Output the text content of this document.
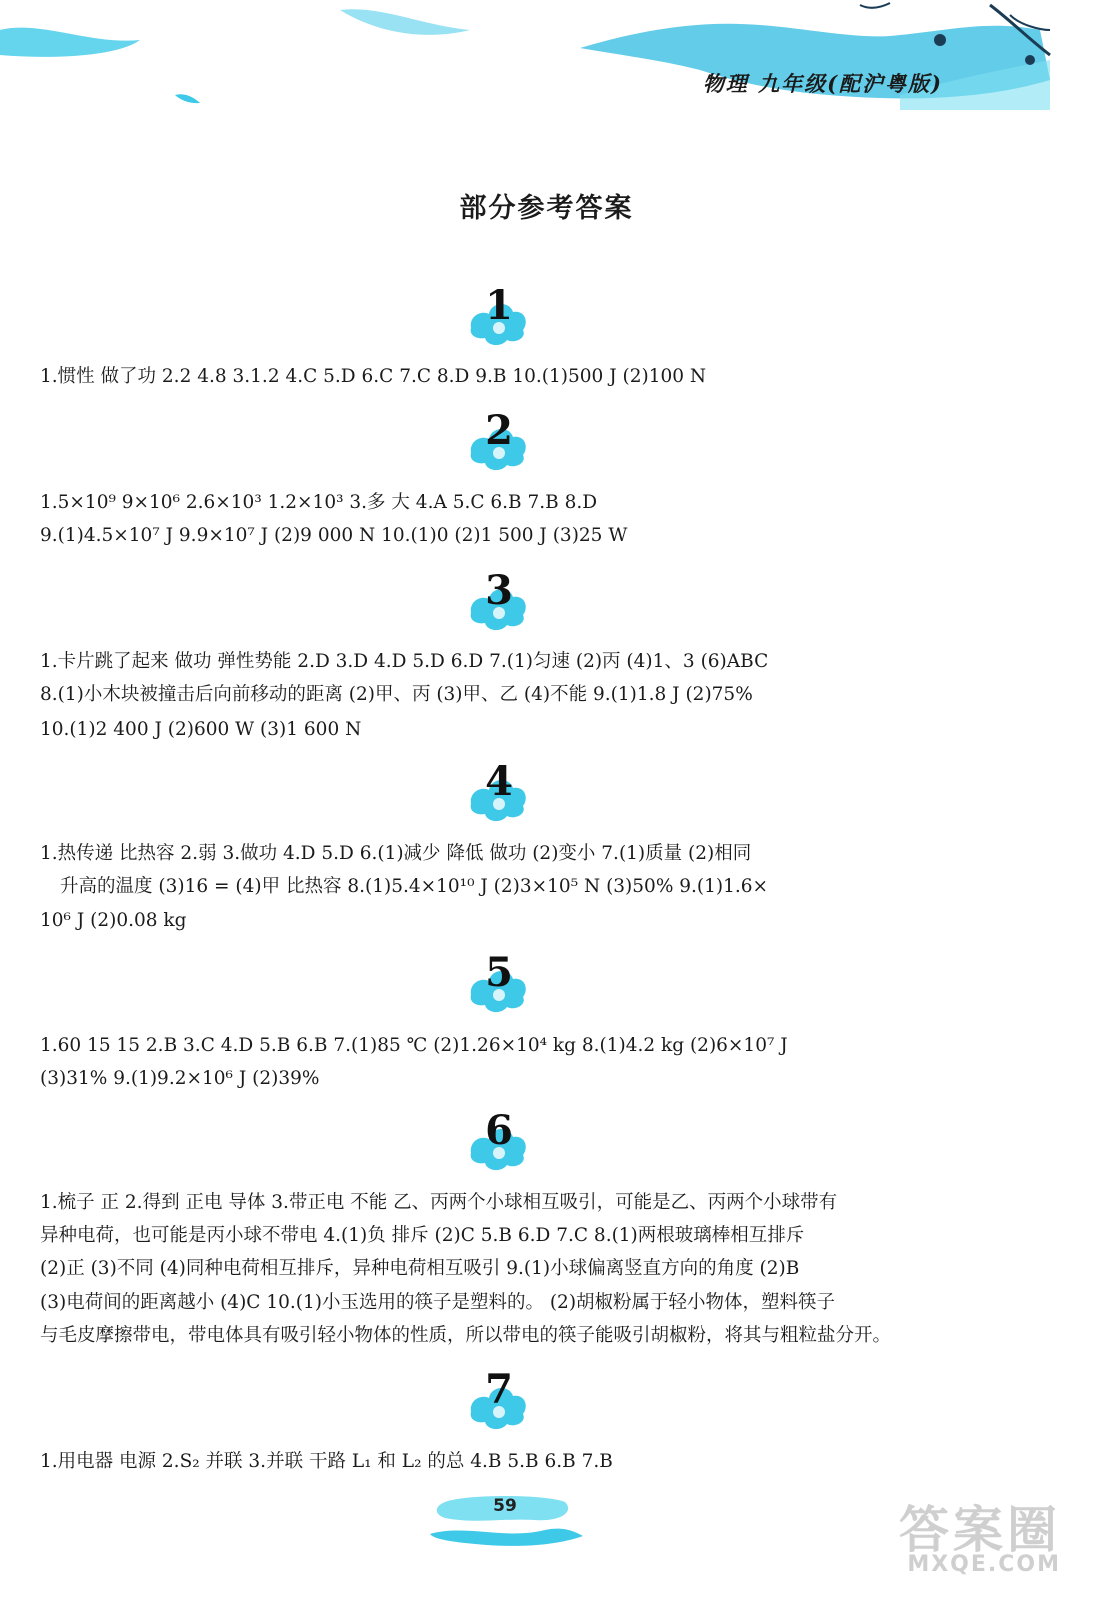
物理 九年级(配沪粤版)
部分参考答案
1
1.惯性 做了功 2.2 4.8 3.1.2 4.C 5.D 6.C 7.C 8.D 9.B 10.(1)500 J (2)100 N
2
1.5×10⁹ 9×10⁶ 2.6×10³ 1.2×10³ 3.多 大 4.A 5.C 6.B 7.B 8.D
9.(1)4.5×10⁷ J 9.9×10⁷ J (2)9 000 N 10.(1)0 (2)1 500 J (3)25 W
3
1.卡片跳了起来 做功 弹性势能 2.D 3.D 4.D 5.D 6.D 7.(1)匀速 (2)丙 (4)1、3 (6)ABC
8.(1)小木块被撞击后向前移动的距离 (2)甲、丙 (3)甲、乙 (4)不能 9.(1)1.8 J (2)75%
10.(1)2 400 J (2)600 W (3)1 600 N
4
1.热传递 比热容 2.弱 3.做功 4.D 5.D 6.(1)减少 降低 做功 (2)变小 7.(1)质量 (2)相同
升高的温度 (3)16 = (4)甲 比热容 8.(1)5.4×10¹⁰ J (2)3×10⁵ N (3)50% 9.(1)1.6×
10⁶ J (2)0.08 kg
5
1.60 15 15 2.B 3.C 4.D 5.B 6.B 7.(1)85 ℃ (2)1.26×10⁴ kg 8.(1)4.2 kg (2)6×10⁷ J
(3)31% 9.(1)9.2×10⁶ J (2)39%
6
1.梳子 正 2.得到 正电 导体 3.带正电 不能 乙、丙两个小球相互吸引，可能是乙、丙两个小球带有
异种电荷，也可能是丙小球不带电 4.(1)负 排斥 (2)C 5.B 6.D 7.C 8.(1)两根玻璃棒相互排斥
(2)正 (3)不同 (4)同种电荷相互排斥，异种电荷相互吸引 9.(1)小球偏离竖直方向的角度 (2)B
(3)电荷间的距离越小 (4)C 10.(1)小玉选用的筷子是塑料的。 (2)胡椒粉属于轻小物体，塑料筷子
与毛皮摩擦带电，带电体具有吸引轻小物体的性质，所以带电的筷子能吸引胡椒粉，将其与粗粒盐分开。
7
1.用电器 电源 2.S₂ 并联 3.并联 干路 L₁ 和 L₂ 的总 4.B 5.B 6.B 7.B
59	答案圈
MXQE.COM
